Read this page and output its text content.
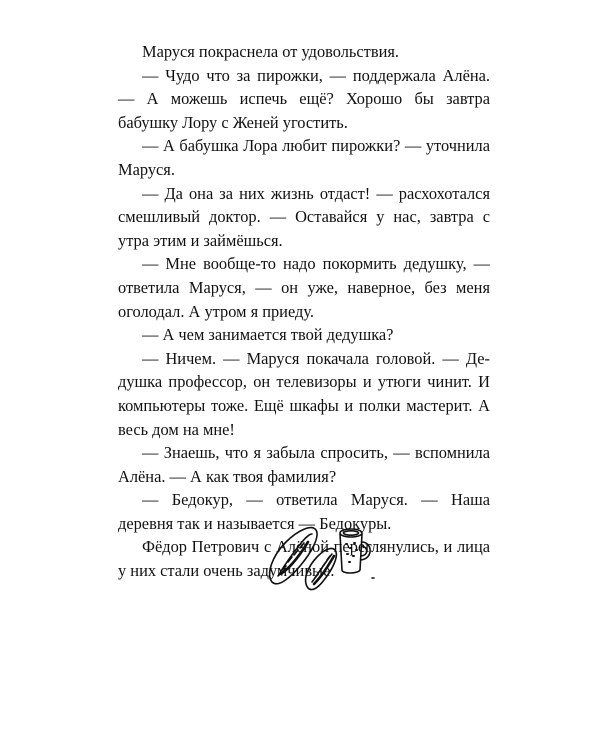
Маруся покраснела от удовольствия.

— Чудо что за пирожки, — поддержала Алёна. — А можешь испечь ещё? Хорошо бы завтра бабушку Лору с Женей угостить.

— А бабушка Лора любит пирожки? — уточнила Маруся.

— Да она за них жизнь отдаст! — расхохотался смешливый доктор. — Оставайся у нас, завтра с утра этим и займёшься.

— Мне вообще-то надо покормить дедушку, — ответила Маруся, — он уже, наверное, без меня оголодал. А утром я приеду.

— А чем занимается твой дедушка?

— Ничем. — Маруся покачала головой. — Дедушка профессор, он телевизоры и утюги чинит. И компьютеры тоже. Ещё шкафы и полки мастерит. А весь дом на мне!

— Знаешь, что я забыла спросить, — вспомнила Алёна. — А как твоя фамилия?

— Бедокур, — ответила Маруся. — Наша деревня так и называется — Бедокуры.

Фёдор Петрович с Алёной переглянулись, и лица у них стали очень задумчивые.
